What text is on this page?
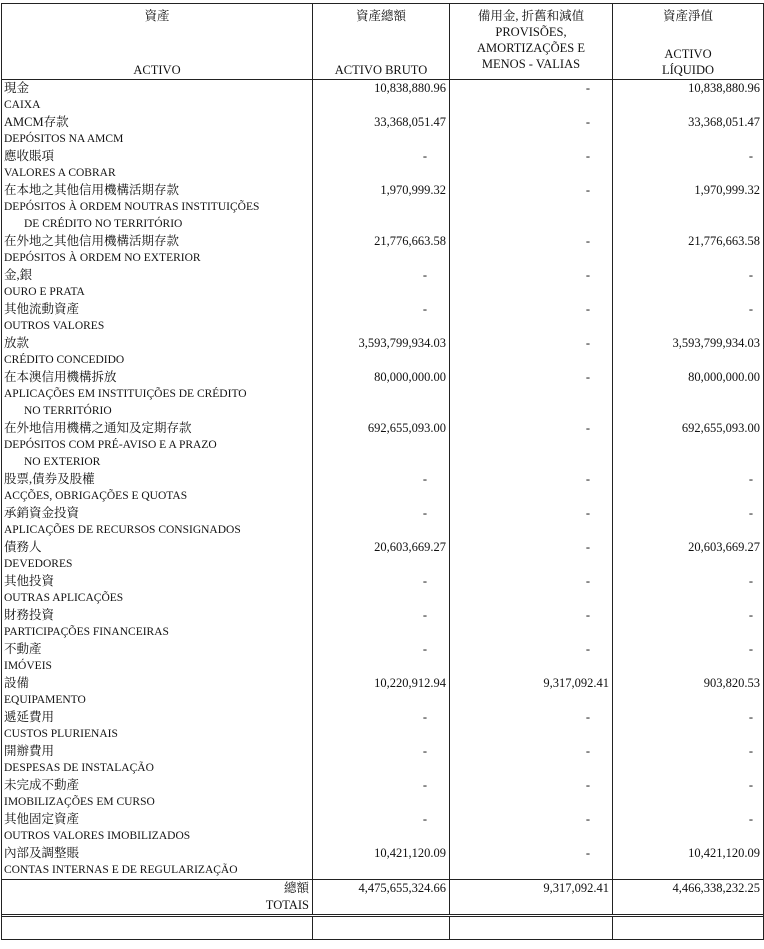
資產
ACTIVO
資產總額
ACTIVO BRUTO
備用金, 折舊和減值
PROVISÕES,
AMORTIZAÇÕES E
MENOS - VALIAS
資產淨值
ACTIVO
LÍQUIDO
現金
CAIXA
10,838,880.96	-	10,838,880.96
AMCM存款
DEPÓSITOS NA AMCM
33,368,051.47	-	33,368,051.47
應收賬項
VALORES A COBRAR
-	-	-
在本地之其他信用機構活期存款
DEPÓSITOS À ORDEM NOUTRAS INSTITUIÇÕES
DE CRÉDITO NO TERRITÓRIO
1,970,999.32	-	1,970,999.32
在外地之其他信用機構活期存款
DEPÓSITOS À ORDEM NO EXTERIOR
21,776,663.58	-	21,776,663.58
金,銀
OURO E PRATA
-	-	-
其他流動資產
OUTROS VALORES
-	-	-
放款
CRÉDITO CONCEDIDO
3,593,799,934.03	-	3,593,799,934.03
在本澳信用機構拆放
APLICAÇÕES EM INSTITUIÇÕES DE CRÉDITO
NO TERRITÓRIO
80,000,000.00	-	80,000,000.00
在外地信用機構之通知及定期存款
DEPÓSITOS COM PRÉ-AVISO E A PRAZO
NO EXTERIOR
692,655,093.00	-	692,655,093.00
股票,債券及股權
ACÇÕES, OBRIGAÇÕES E QUOTAS
-	-	-
承銷資金投資
APLICAÇÕES DE RECURSOS CONSIGNADOS
-	-	-
債務人
DEVEDORES
20,603,669.27	-	20,603,669.27
其他投資
OUTRAS APLICAÇÕES
-	-	-
財務投資
PARTICIPAÇÕES FINANCEIRAS
-	-	-
不動產
IMÓVEIS
-	-	-
設備
EQUIPAMENTO
10,220,912.94	9,317,092.41	903,820.53
遞延費用
CUSTOS PLURIENAIS
-	-	-
開辦費用
DESPESAS DE INSTALAÇÃO
-	-	-
未完成不動產
IMOBILIZAÇÕES EM CURSO
-	-	-
其他固定資產
OUTROS VALORES IMOBILIZADOS
-	-	-
內部及調整賬
CONTAS INTERNAS E DE REGULARIZAÇÃO
10,421,120.09	-	10,421,120.09
總額
TOTAIS
4,475,655,324.66	9,317,092.41	4,466,338,232.25
